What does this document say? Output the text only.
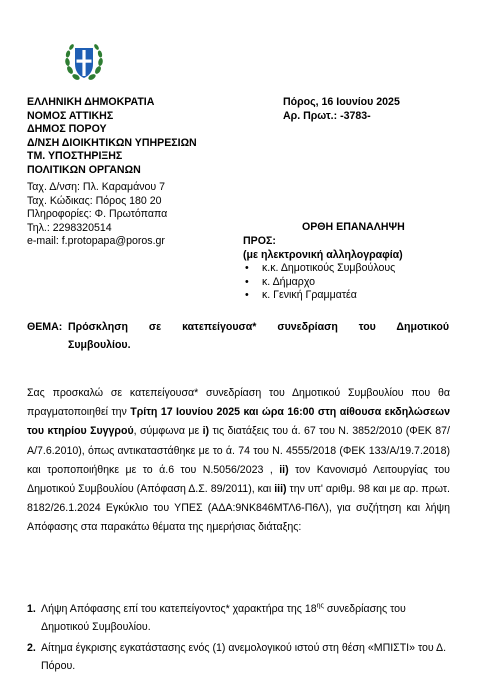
ΕΛΛΗΝΙΚΗ ΔΗΜΟΚΡΑΤΙΑ
ΝΟΜΟΣ ΑΤΤΙΚΗΣ
ΔΗΜΟΣ ΠΟΡΟΥ
Δ/ΝΣΗ ΔΙΟΙΚΗΤΙΚΩΝ ΥΠΗΡΕΣΙΩΝ
ΤΜ. ΥΠΟΣΤΗΡΙΞΗΣ
ΠΟΛΙΤΙΚΩΝ ΟΡΓΑΝΩΝ
Ταχ. Δ/νση: Πλ. Καραμάνου 7
Ταχ. Κώδικας: Πόρος 180 20
Πληροφορίες: Φ. Πρωτόπαπα
Τηλ.: 2298320514
e-mail: f.protopapa@poros.gr
Πόρος, 16 Ιουνίου 2025
Αρ. Πρωτ.: -3783-
ΟΡΘΗ ΕΠΑΝΑΛΗΨΗ
ΠΡΟΣ:
(με ηλεκτρονική αλληλογραφία)
• κ.κ. Δημοτικούς Συμβούλους
• κ. Δήμαρχο
• κ. Γενική Γραμματέα
ΘΕΜΑ: Πρόσκληση σε κατεπείγουσα* συνεδρίαση του Δημοτικού
Συμβουλίου.

Σας προσκαλώ σε κατεπείγουσα* συνεδρίαση του Δημοτικού Συμβουλίου που θα πραγματοποιηθεί την Τρίτη 17 Ιουνίου 2025 και ώρα 16:00 στη αίθουσα εκδηλώσεων του κτηρίου Συγγρού, σύμφωνα με i) τις διατάξεις του ά. 67 του Ν. 3852/2010 (ΦΕΚ 87/Α/7.6.2010), όπως αντικαταστάθηκε με το ά. 74 του Ν. 4555/2018 (ΦΕΚ 133/Α/19.7.2018) και τροποποιήθηκε με το ά.6 του Ν.5056/2023 , ii) τον Κανονισμό Λειτουργίας του Δημοτικού Συμβουλίου (Απόφαση Δ.Σ. 89/2011), και iii) την υπ' αριθμ. 98 και με αρ. πρωτ. 8182/26.1.2024 Εγκύκλιο του ΥΠΕΣ (ΑΔΑ:9ΝΚ846ΜΤΛ6-Π6Λ), για συζήτηση και λήψη Απόφασης στα παρακάτω θέματα της ημερήσιας διάταξης:

1. Λήψη Απόφασης επί του κατεπείγοντος* χαρακτήρα της $18^{\eta\varsigma}$ συνεδρίασης του Δημοτικού Συμβουλίου.
2. Αίτημα έγκρισης εγκατάστασης ενός (1) ανεμολογικού ιστού στη θέση «ΜΠΙΣΤΙ» του Δ. Πόρου.
